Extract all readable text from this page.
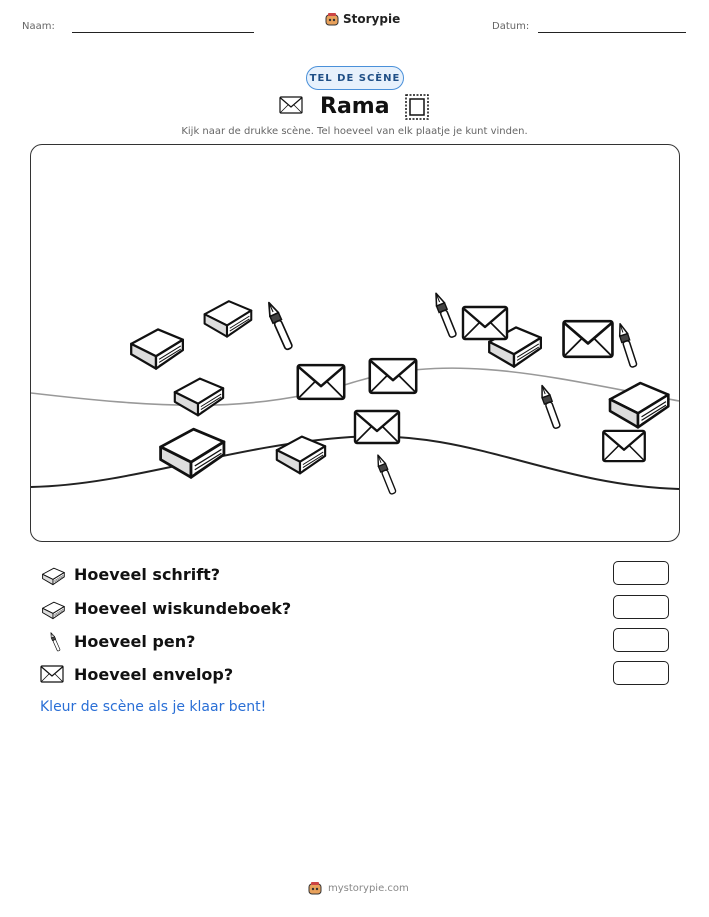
Naam:
Storypie
Datum:
TEL DE SCÈNE
Rama
Kijk naar de drukke scène. Tel hoeveel van elk plaatje je kunt vinden.
Hoeveel schrift?
Hoeveel wiskundeboek?
Hoeveel pen?
Hoeveel envelop?
Kleur de scène als je klaar bent!
mystorypie.com
